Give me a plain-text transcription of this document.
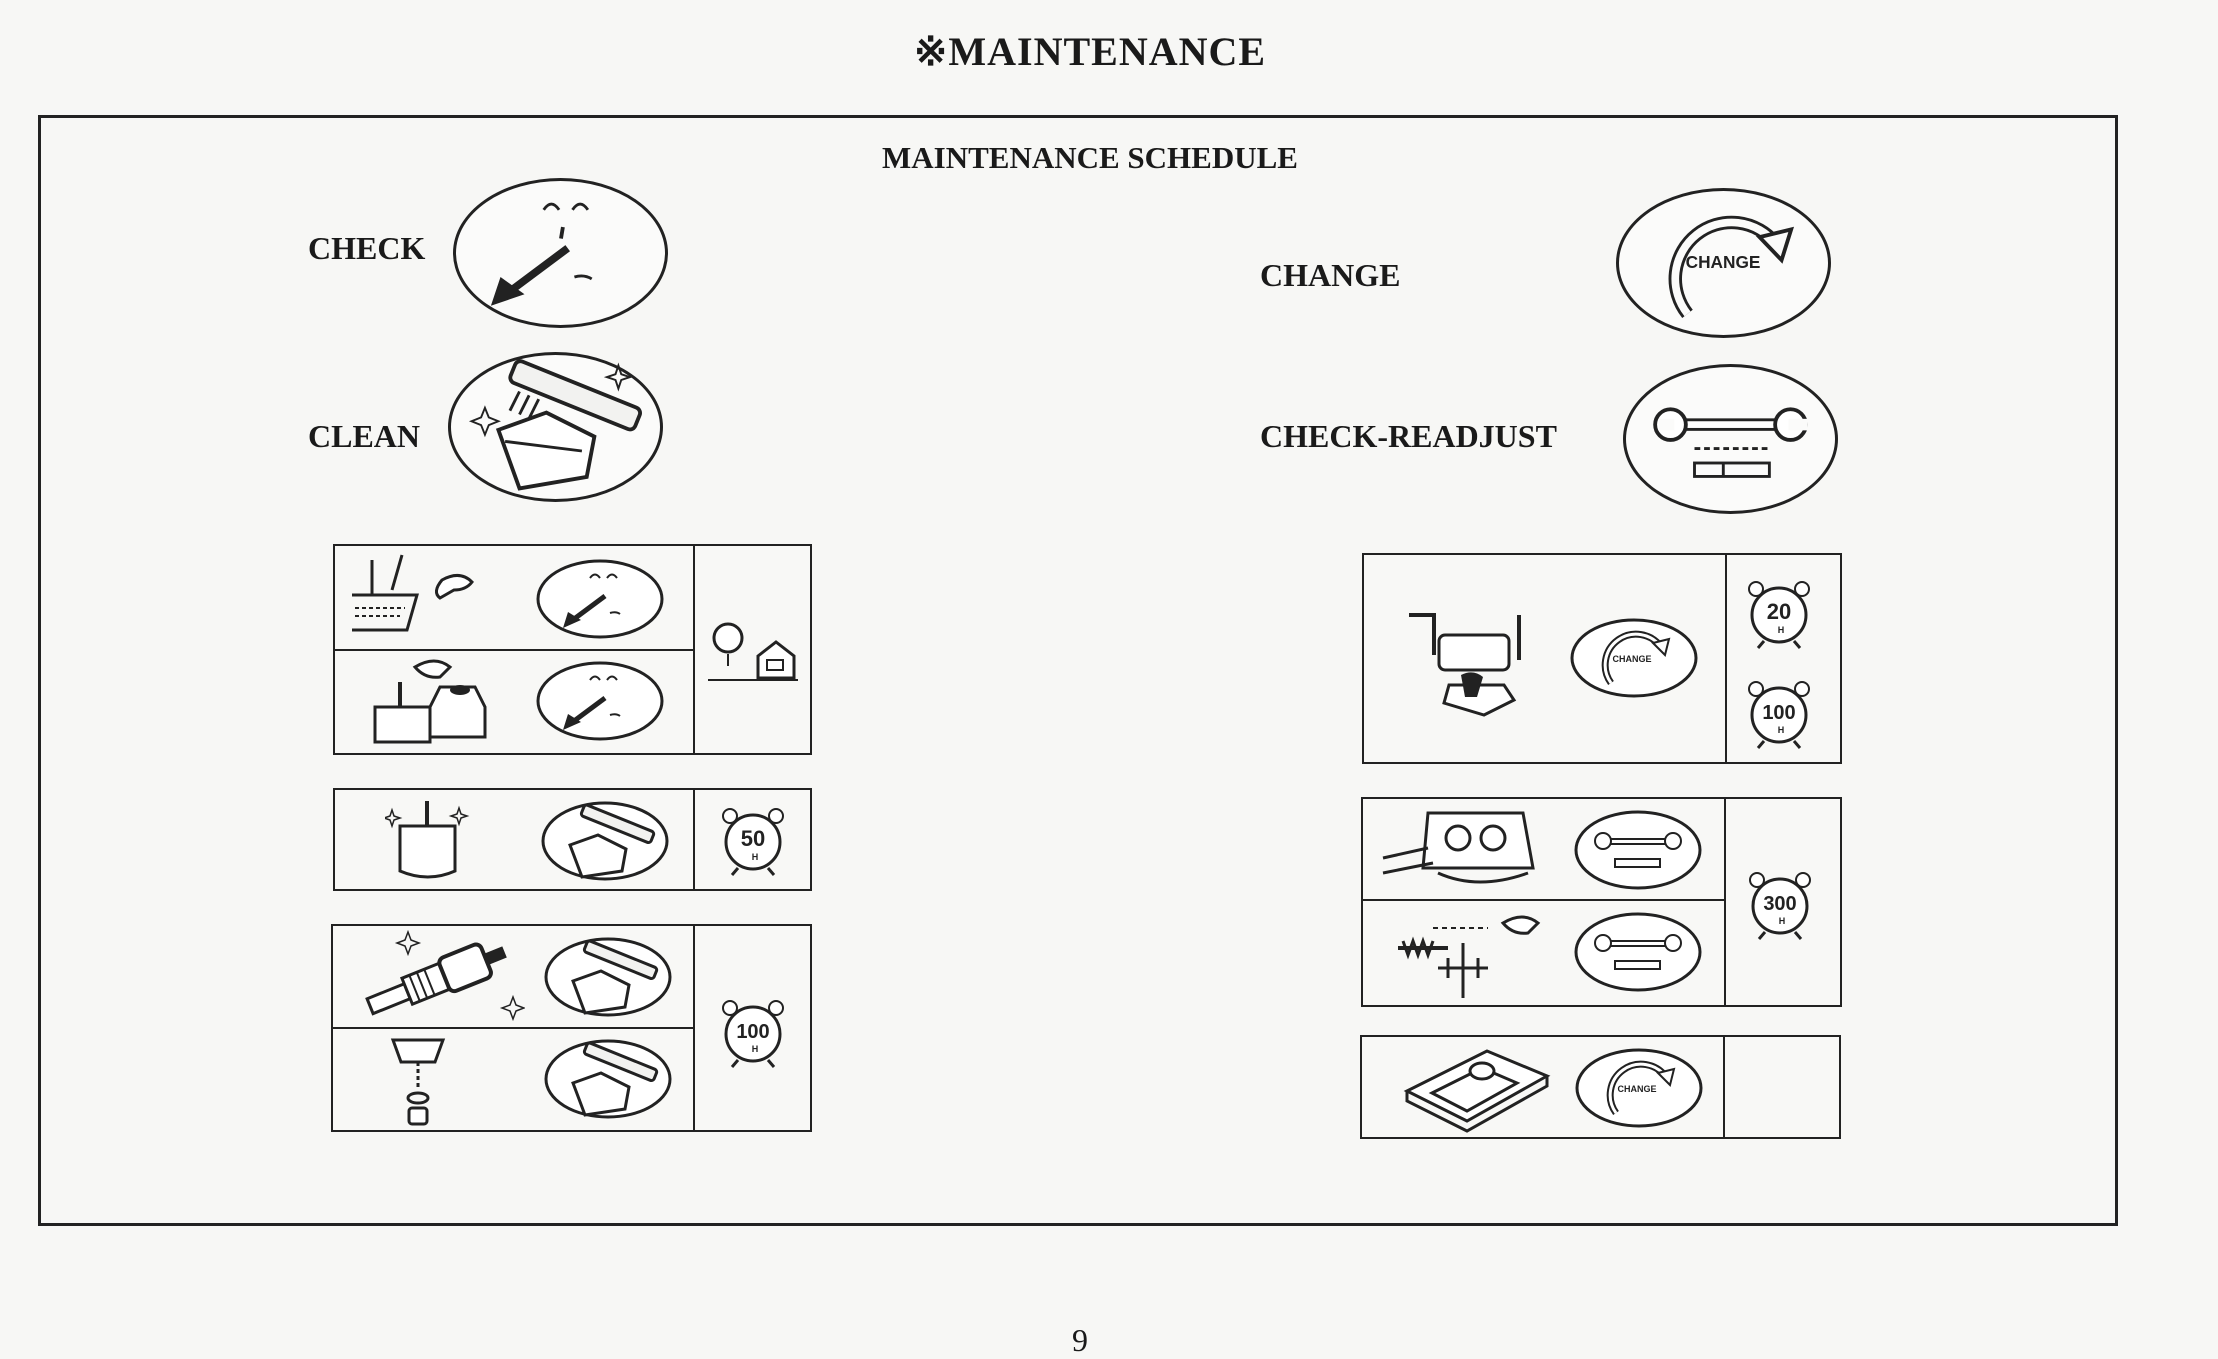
※MAINTENANCE
MAINTENANCE SCHEDULE
CHECK
CLEAN
CHANGE	CHANGE
CHECK-READJUST
50
H
100
H
CHANGE
20
H
100
H
300
H
CHANGE
9
